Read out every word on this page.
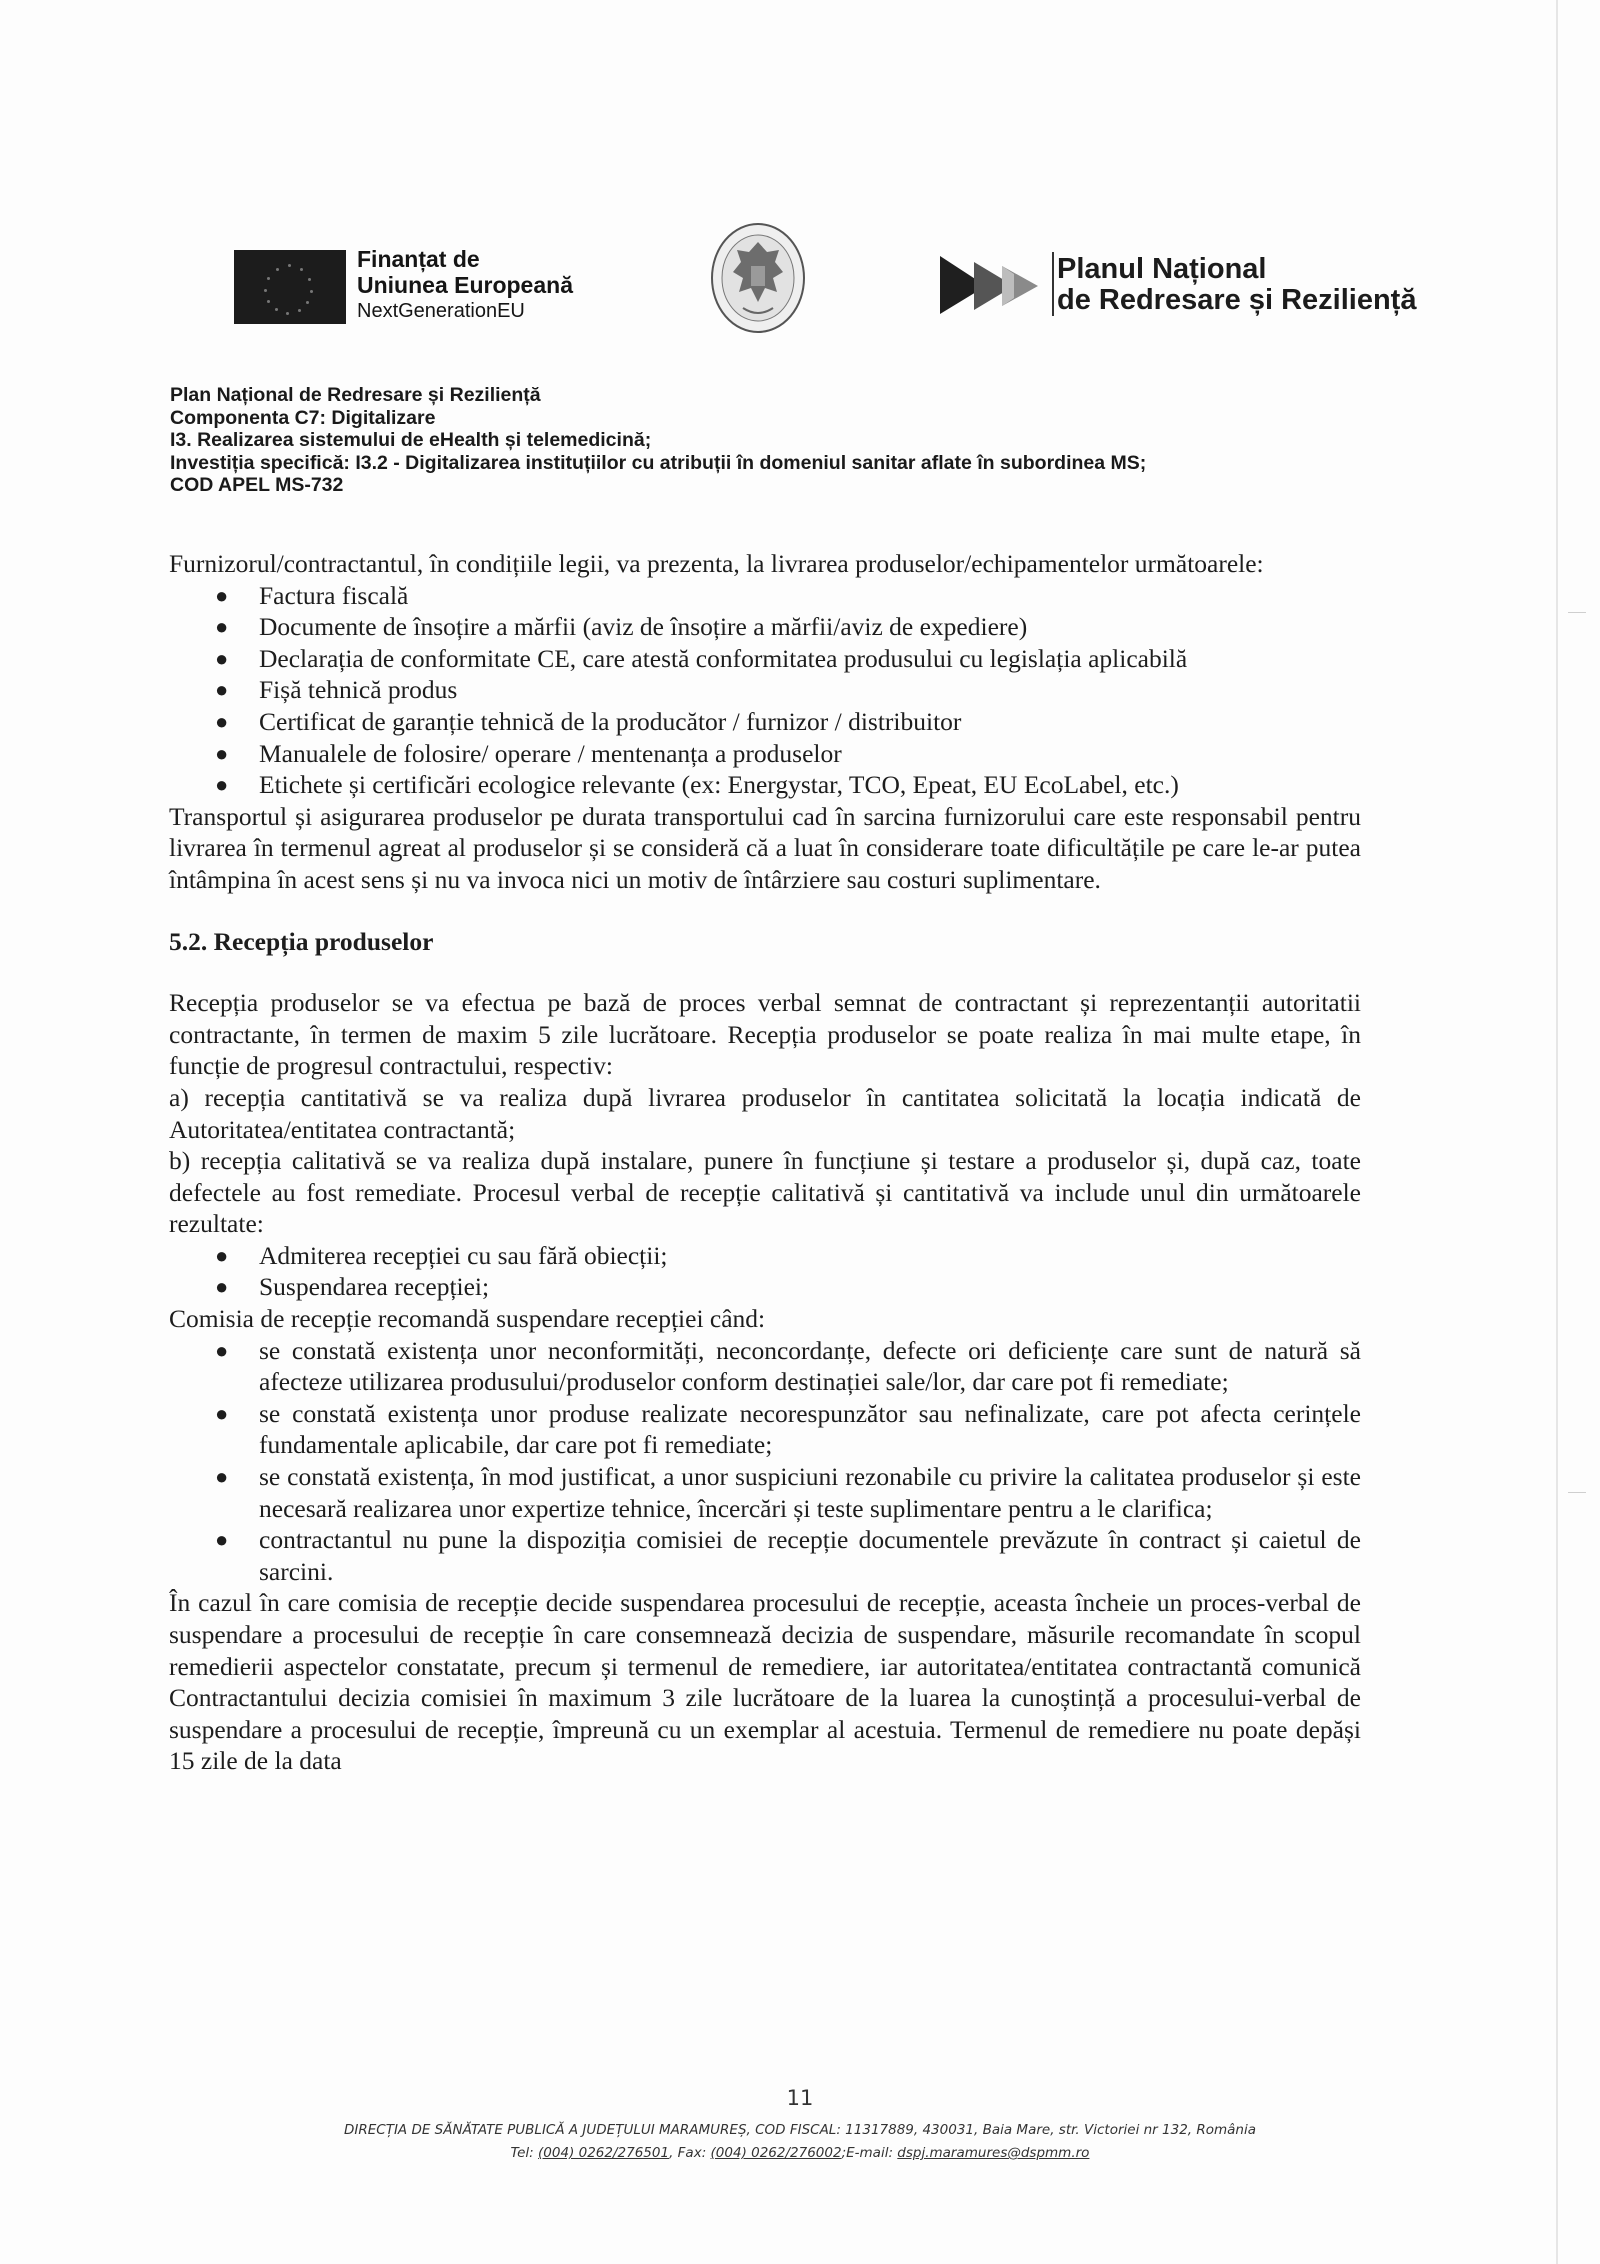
Finanțat de
Uniunea Europeană
NextGenerationEU
Planul Național
de Redresare și Reziliență
Plan Național de Redresare și Reziliență
Componenta C7: Digitalizare
I3. Realizarea sistemului de eHealth și telemedicină;
Investiția specifică: I3.2 - Digitalizarea instituțiilor cu atribuții în domeniul sanitar aflate în subordinea MS;
COD APEL MS-732

Furnizorul/contractantul, în condițiile legii, va prezenta, la livrarea produselor/echipamentelor următoarele:

● Factura fiscală
● Documente de însoțire a mărfii (aviz de însoțire a mărfii/aviz de expediere)
● Declarația de conformitate CE, care atestă conformitatea produsului cu legislația aplicabilă
● Fișă tehnică produs
● Certificat de garanție tehnică de la producător / furnizor / distribuitor
● Manualele de folosire/ operare / mentenanța a produselor
● Etichete și certificări ecologice relevante (ex: Energystar, TCO, Epeat, EU EcoLabel, etc.)

Transportul și asigurarea produselor pe durata transportului cad în sarcina furnizorului care este responsabil pentru livrarea în termenul agreat al produselor și se consideră că a luat în considerare toate dificultățile pe care le-ar putea întâmpina în acest sens și nu va invoca nici un motiv de întârziere sau costuri suplimentare.

5.2. Recepția produselor

Recepția produselor se va efectua pe bază de proces verbal semnat de contractant și reprezentanții autoritatii contractante, în termen de maxim 5 zile lucrătoare. Recepția produselor se poate realiza în mai multe etape, în funcție de progresul contractului, respectiv:

a) recepția cantitativă se va realiza după livrarea produselor în cantitatea solicitată la locația indicată de Autoritatea/entitatea contractantă;

b) recepția calitativă se va realiza după instalare, punere în funcțiune și testare a produselor și, după caz, toate defectele au fost remediate. Procesul verbal de recepție calitativă și cantitativă va include unul din următoarele rezultate:

● Admiterea recepției cu sau fără obiecții;
● Suspendarea recepției;

Comisia de recepție recomandă suspendare recepției când:

● se constată existența unor neconformități, neconcordanțe, defecte ori deficiențe care sunt de natură să afecteze utilizarea produsului/produselor conform destinației sale/lor, dar care pot fi remediate;
● se constată existența unor produse realizate necorespunzător sau nefinalizate, care pot afecta cerințele fundamentale aplicabile, dar care pot fi remediate;
● se constată existența, în mod justificat, a unor suspiciuni rezonabile cu privire la calitatea produselor și este necesară realizarea unor expertize tehnice, încercări și teste suplimentare pentru a le clarifica;
● contractantul nu pune la dispoziția comisiei de recepție documentele prevăzute în contract și caietul de sarcini.

În cazul în care comisia de recepție decide suspendarea procesului de recepție, aceasta încheie un proces-verbal de suspendare a procesului de recepție în care consemnează decizia de suspendare, măsurile recomandate în scopul remedierii aspectelor constatate, precum și termenul de remediere, iar autoritatea/entitatea contractantă comunică Contractantului decizia comisiei în maximum 3 zile lucrătoare de la luarea la cunoștință a procesului-verbal de suspendare a procesului de recepție, împreună cu un exemplar al acestuia. Termenul de remediere nu poate depăși 15 zile de la data

11
DIRECȚIA DE SĂNĂTATE PUBLICĂ A JUDEȚULUI MARAMUREȘ, COD FISCAL: 11317889, 430031, Baia Mare, str. Victoriei nr 132, România
Tel: (004) 0262/276501, Fax: (004) 0262/276002;E-mail: dspj.maramures@dspmm.ro
